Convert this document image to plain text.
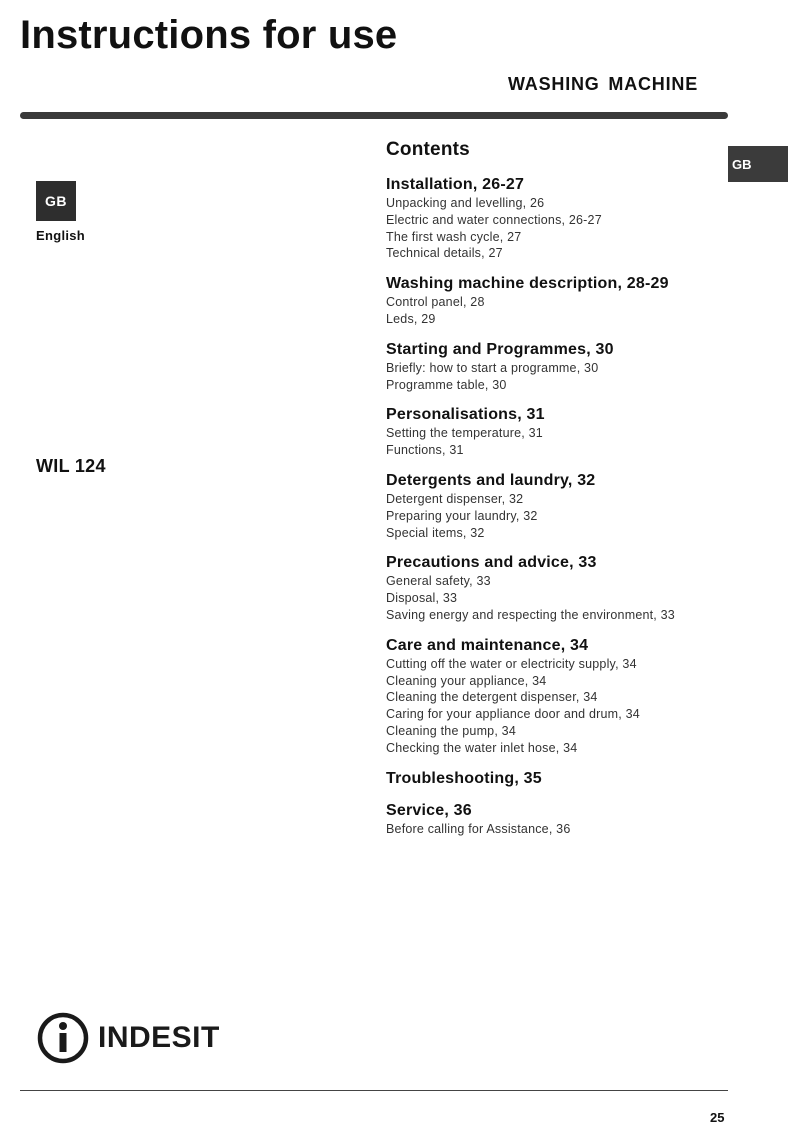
Instructions for use
WASHING MACHINE
GB
GB
English
WIL 124
Contents
Installation, 26-27
Unpacking and levelling, 26
Electric and water connections, 26-27
The first wash cycle, 27
Technical details, 27
Washing machine description, 28-29
Control panel, 28
Leds, 29
Starting and Programmes, 30
Briefly: how to start a programme, 30
Programme table, 30
Personalisations, 31
Setting the temperature, 31
Functions, 31
Detergents and laundry, 32
Detergent dispenser, 32
Preparing your laundry, 32
Special items, 32
Precautions and advice, 33
General safety, 33
Disposal, 33
Saving energy and respecting the environment, 33
Care and maintenance, 34
Cutting off the water or electricity supply, 34
Cleaning your appliance, 34
Cleaning the detergent dispenser, 34
Caring for your appliance door and drum, 34
Cleaning the pump, 34
Checking the water inlet hose, 34
Troubleshooting, 35
Service, 36
Before calling for Assistance, 36
INDESIT
25
